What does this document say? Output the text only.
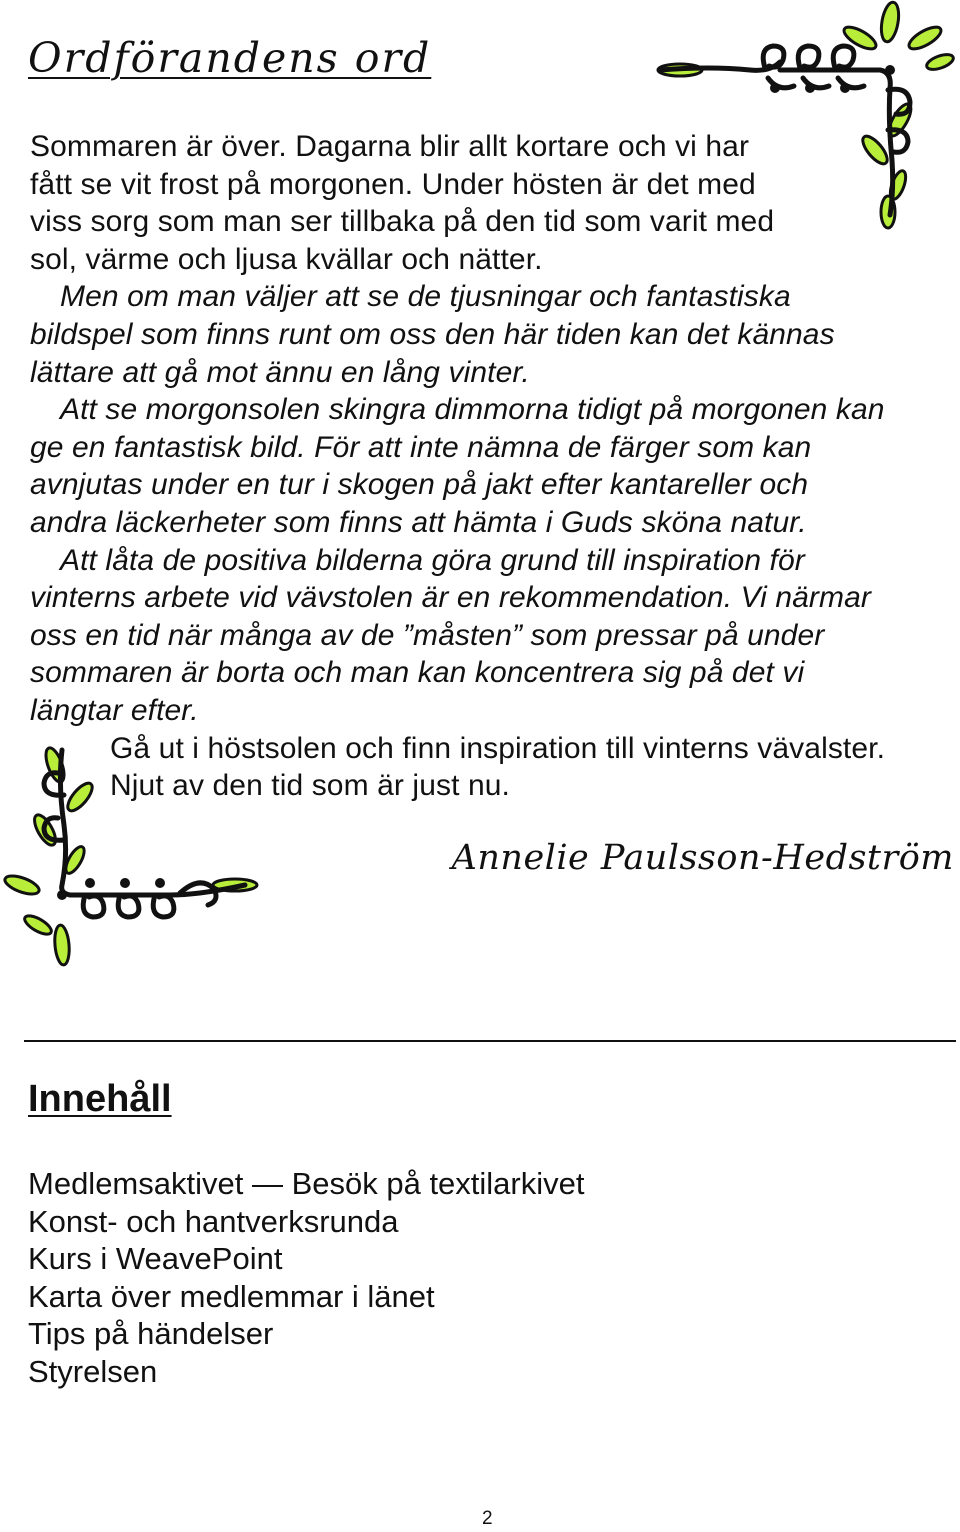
Ordförandens ord

Sommaren är över. Dagarna blir allt kortare och vi har

fått se vit frost på morgonen. Under hösten är det med

viss sorg som man ser tillbaka på den tid som varit med

sol, värme och ljusa kvällar och nätter.

Men om man väljer att se de tjusningar och fantastiska

bildspel som finns runt om oss den här tiden kan det kännas

lättare att gå mot ännu en lång vinter.

Att se morgonsolen skingra dimmorna tidigt på morgonen kan

ge en fantastisk bild. För att inte nämna de färger som kan

avnjutas under en tur i skogen på jakt efter kantareller och

andra läckerheter som finns att hämta i Guds sköna natur.

Att låta de positiva bilderna göra grund till inspiration för

vinterns arbete vid vävstolen är en rekommendation. Vi närmar

oss en tid när många av de ”måsten” som pressar på under

sommaren är borta och man kan koncentrera sig på det vi

längtar efter.

Gå ut i höstsolen och finn inspiration till vinterns vävalster.

Njut av den tid som är just nu.

Annelie Paulsson-Hedström
Innehåll
Medlemsaktivet — Besök på textilarkivet
Konst- och hantverksrunda
Kurs i WeavePoint
Karta över medlemmar i länet
Tips på händelser
Styrelsen
2
